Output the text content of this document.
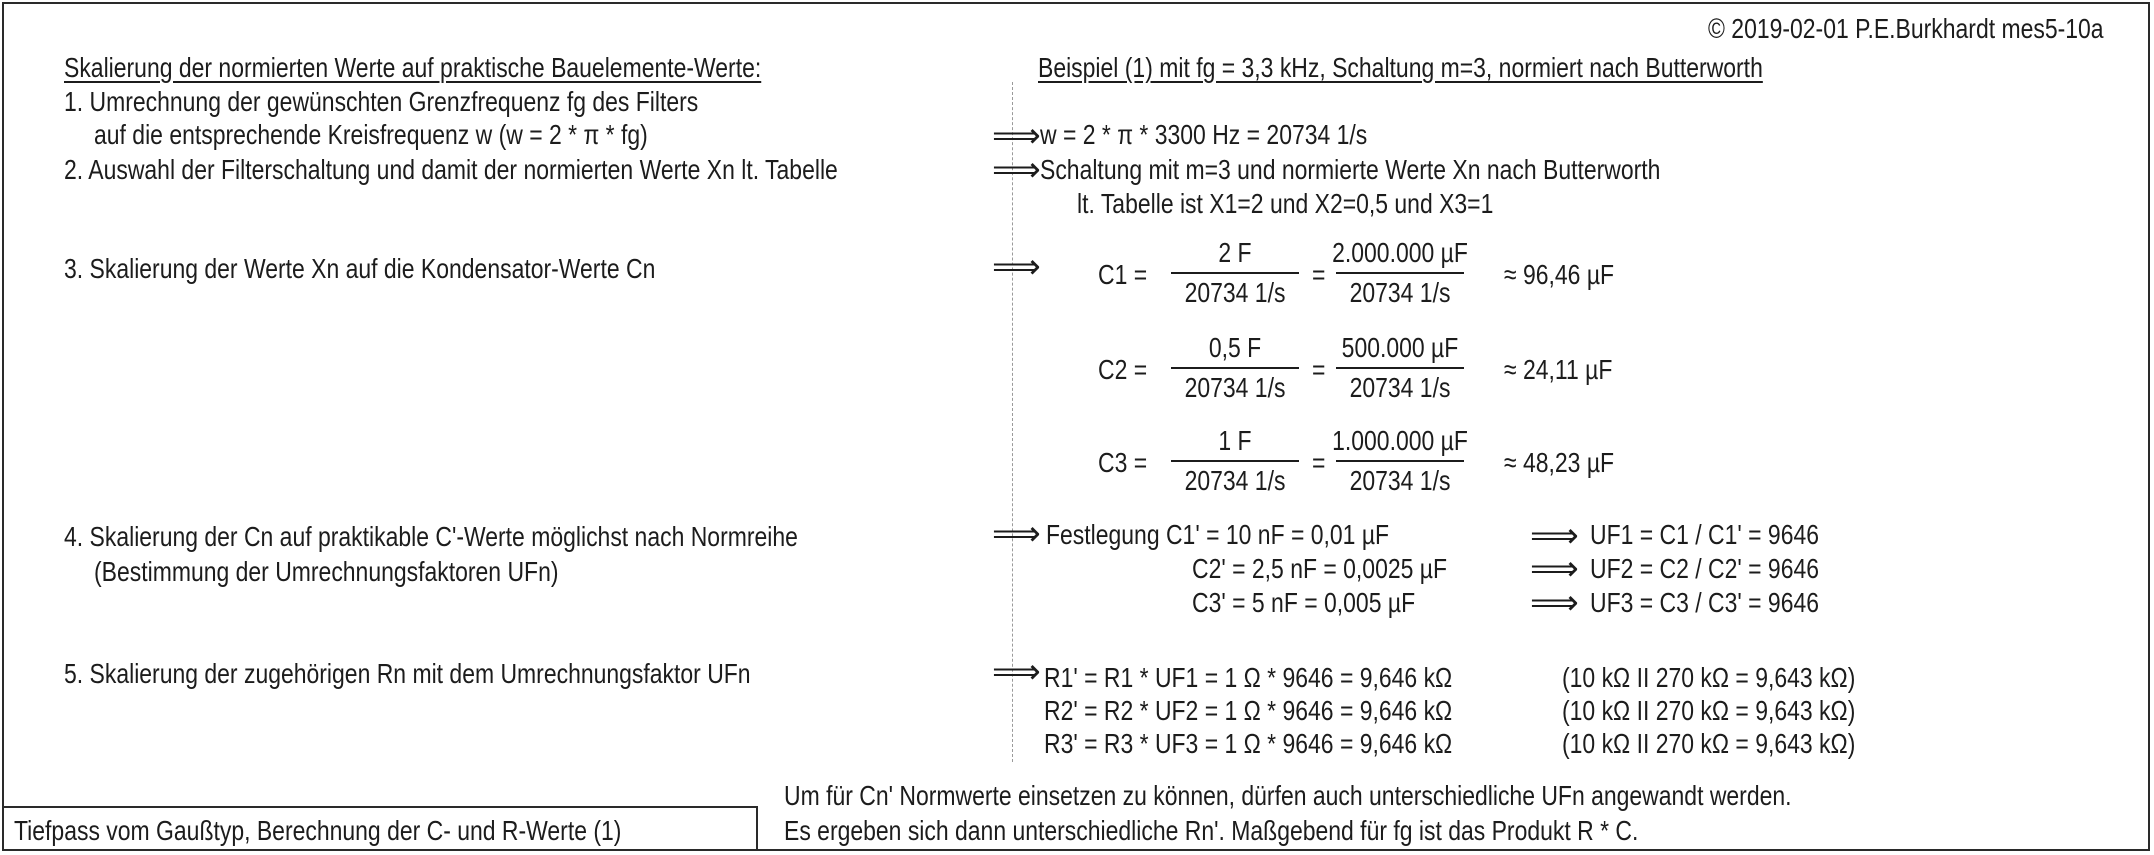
© 2019-02-01 P.E.Burkhardt mes5-10a
Skalierung der normierten Werte auf praktische Bauelemente-Werte:
1. Umrechnung der gewünschten Grenzfrequenz fg des Filters
auf die entsprechende Kreisfrequenz w (w = 2 * π * fg)
2. Auswahl der Filterschaltung und damit der normierten Werte Xn lt. Tabelle
3. Skalierung der Werte Xn auf die Kondensator-Werte Cn
4. Skalierung der Cn auf praktikable C'-Werte möglichst nach Normreihe
(Bestimmung der Umrechnungsfaktoren UFn)
5. Skalierung der zugehörigen Rn mit dem Umrechnungsfaktor UFn
⟹
⟹
⟹
⟹
⟹
⟹
⟹
⟹
Beispiel (1) mit fg = 3,3 kHz, Schaltung m=3, normiert nach Butterworth
w = 2 * π * 3300 Hz = 20734 1/s
Schaltung mit m=3 und normierte Werte Xn nach Butterworth
lt. Tabelle ist X1=2 und X2=0,5 und X3=1
C1 =
2 F
20734 1/s
=
2.000.000 µF
20734 1/s
≈ 96,46 µF
C2 =
0,5 F
20734 1/s
=
500.000 µF
20734 1/s
≈ 24,11 µF
C3 =
1 F
20734 1/s
=
1.000.000 µF
20734 1/s
≈ 48,23 µF
Festlegung C1' = 10 nF = 0,01 µF
C2' = 2,5 nF = 0,0025 µF
C3' = 5 nF = 0,005 µF
UF1 = C1 / C1' = 9646
UF2 = C2 / C2' = 9646
UF3 = C3 / C3' = 9646
R1' = R1 * UF1 = 1 Ω * 9646 = 9,646 kΩ
R2' = R2 * UF2 = 1 Ω * 9646 = 9,646 kΩ
R3' = R3 * UF3 = 1 Ω * 9646 = 9,646 kΩ
(10 kΩ II 270 kΩ = 9,643 kΩ)
(10 kΩ II 270 kΩ = 9,643 kΩ)
(10 kΩ II 270 kΩ = 9,643 kΩ)
Tiefpass vom Gaußtyp, Berechnung der C- und R-Werte (1)
Um für Cn' Normwerte einsetzen zu können, dürfen auch unterschiedliche UFn angewandt werden.
Es ergeben sich dann unterschiedliche Rn'. Maßgebend für fg ist das Produkt R * C.
